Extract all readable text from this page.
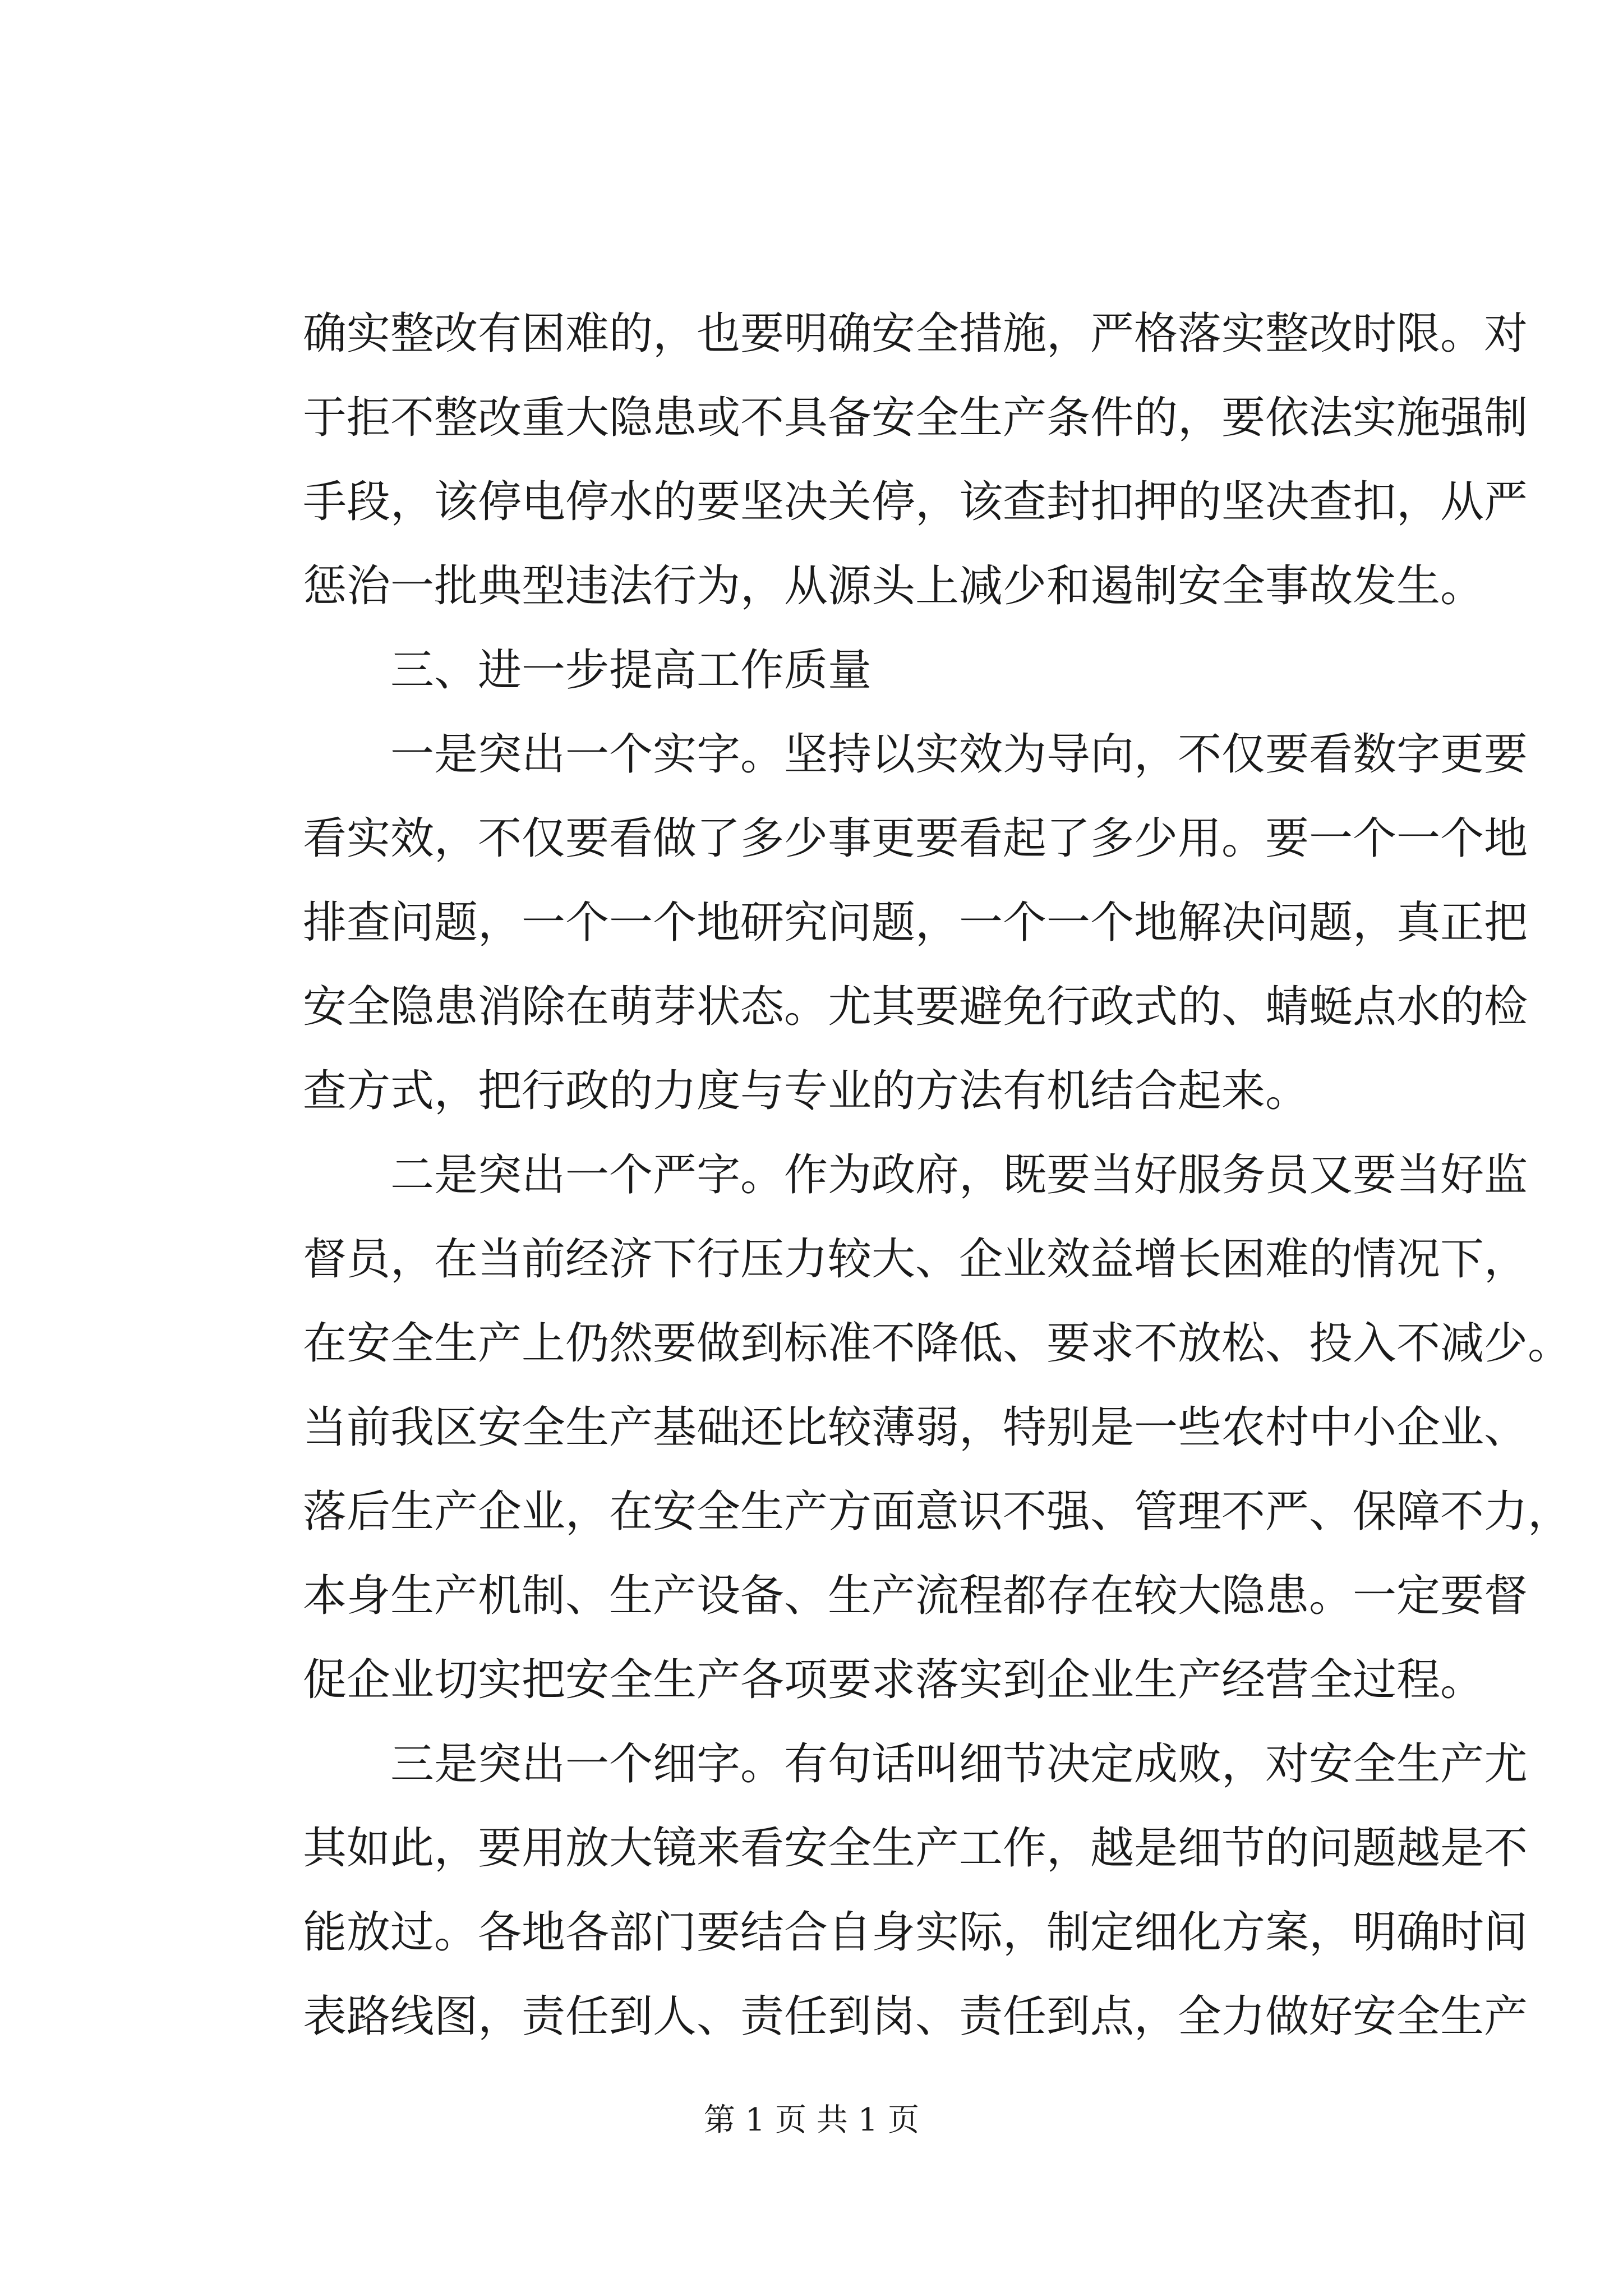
确实整改有困难的，也要明确安全措施，严格落实整改时限。对
于拒不整改重大隐患或不具备安全生产条件的，要依法实施强制
手段，该停电停水的要坚决关停，该查封扣押的坚决查扣，从严
惩治一批典型违法行为，从源头上减少和遏制安全事故发生。
三、进一步提高工作质量
一是突出一个实字。坚持以实效为导向，不仅要看数字更要
看实效，不仅要看做了多少事更要看起了多少用。要一个一个地
排查问题，一个一个地研究问题，一个一个地解决问题，真正把
安全隐患消除在萌芽状态。尤其要避免行政式的、蜻蜓点水的检
查方式，把行政的力度与专业的方法有机结合起来。
二是突出一个严字。作为政府，既要当好服务员又要当好监
督员，在当前经济下行压力较大、企业效益增长困难的情况下，
在安全生产上仍然要做到标准不降低、要求不放松、投入不减少。
当前我区安全生产基础还比较薄弱，特别是一些农村中小企业、
落后生产企业，在安全生产方面意识不强、管理不严、保障不力，
本身生产机制、生产设备、生产流程都存在较大隐患。一定要督
促企业切实把安全生产各项要求落实到企业生产经营全过程。
三是突出一个细字。有句话叫细节决定成败，对安全生产尤
其如此，要用放大镜来看安全生产工作，越是细节的问题越是不
能放过。各地各部门要结合自身实际，制定细化方案，明确时间
表路线图，责任到人、责任到岗、责任到点，全力做好安全生产
第 1 页 共 1 页
